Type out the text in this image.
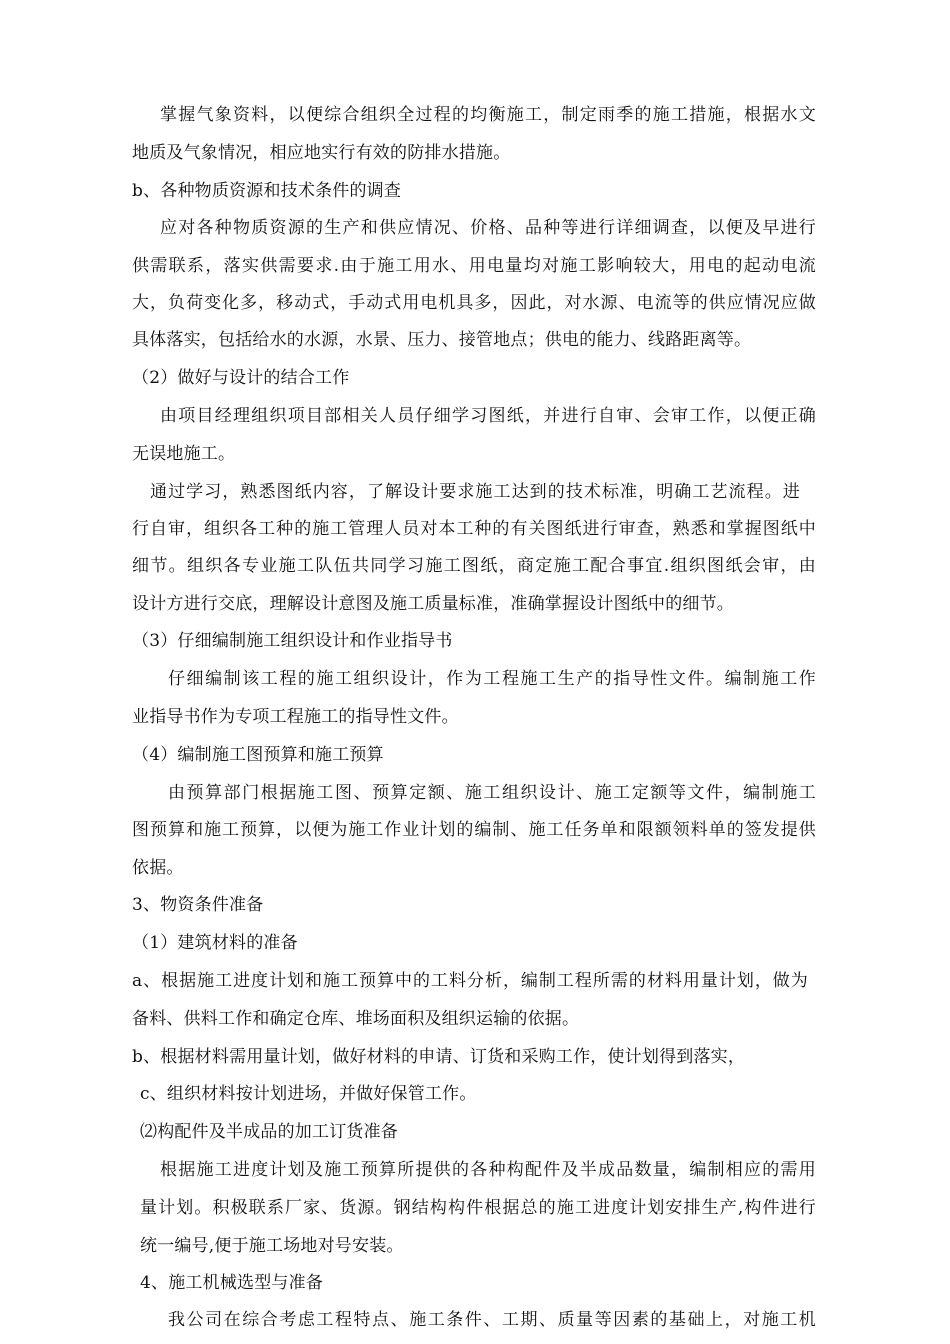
掌握气象资料，以便综合组织全过程的均衡施工，制定雨季的施工措施，根据水文
地质及气象情况，相应地实行有效的防排水措施。
b、各种物质资源和技术条件的调查
应对各种物质资源的生产和供应情况、价格、品种等进行详细调查，以便及早进行
供需联系，落实供需要求.由于施工用水、用电量均对施工影响较大，用电的起动电流
大，负荷变化多，移动式，手动式用电机具多，因此，对水源、电流等的供应情况应做
具体落实，包括给水的水源，水景、压力、接管地点；供电的能力、线路距离等。
（2）做好与设计的结合工作
由项目经理组织项目部相关人员仔细学习图纸，并进行自审、会审工作，以便正确
无误地施工。
通过学习，熟悉图纸内容，了解设计要求施工达到的技术标准，明确工艺流程。进
行自审，组织各工种的施工管理人员对本工种的有关图纸进行审查，熟悉和掌握图纸中
细节。组织各专业施工队伍共同学习施工图纸，商定施工配合事宜.组织图纸会审，由
设计方进行交底，理解设计意图及施工质量标准，准确掌握设计图纸中的细节。
（3）仔细编制施工组织设计和作业指导书
仔细编制该工程的施工组织设计，作为工程施工生产的指导性文件。编制施工作
业指导书作为专项工程施工的指导性文件。
（4）编制施工图预算和施工预算
由预算部门根据施工图、预算定额、施工组织设计、施工定额等文件，编制施工
图预算和施工预算，以便为施工作业计划的编制、施工任务单和限额领料单的签发提供
依据。
3、物资条件准备
（1）建筑材料的准备
a、根据施工进度计划和施工预算中的工料分析，编制工程所需的材料用量计划，做为
备料、供料工作和确定仓库、堆场面积及组织运输的依据。
b、根据材料需用量计划，做好材料的申请、订货和采购工作，使计划得到落实，
c、组织材料按计划进场，并做好保管工作。
⑵构配件及半成品的加工订货准备
根据施工进度计划及施工预算所提供的各种构配件及半成品数量，编制相应的需用
量计划。积极联系厂家、货源。钢结构构件根据总的施工进度计划安排生产,构件进行
统一编号,便于施工场地对号安装。
4、施工机械选型与准备
我公司在综合考虑工程特点、施工条件、工期、质量等因素的基础上，对施工机
